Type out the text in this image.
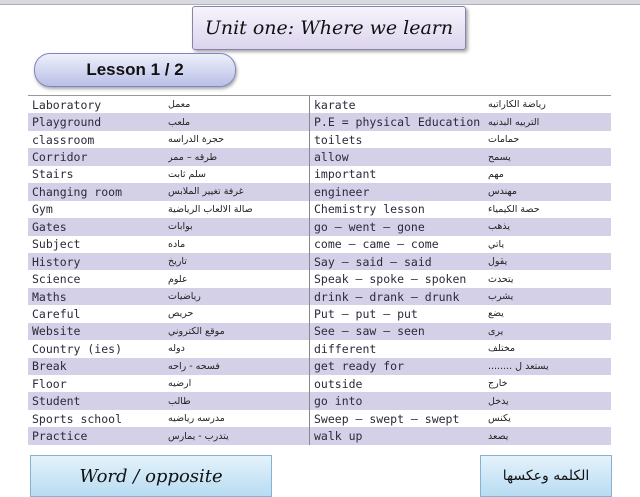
Unit one: Where we learn
Lesson 1 / 2
Laboratory	معمل	karate	رياضة الكاراتيه
Playground	ملعب	P.E = physical Education التربيه البدنيه
classroom	حجرة الدراسه	toilets	حمامات
Corridor	طرقه – ممر	allow	يسمح
Stairs	سلم ثابت	important	مهم
Changing room	غرفة تغيير الملابس	engineer	مهندس
Gym	صالة الالعاب الرياضية	Chemistry lesson	حصة الكيمياء
Gates	بوابات	go – went – gone	يذهب
Subject	ماده	come – came – come	ياتي
History	تاريخ	Say – said – said	يقول
Science	علوم	Speak – spoke – spoken	يتحدث
Maths	رياضيات	drink – drank – drunk	يشرب
Careful	حريص	Put – put – put	يضع
Website	موقع الكتروني	See – saw – seen	يرى
Country (ies)	دوله	different	مختلف
Break	فسحه - راحه	get ready for	يستعد ل ........
Floor	ارضيه	outside	خارج
Student	طالب	go into	يدخل
Sports school	مدرسه رياضيه	Sweep – swept – swept	يكنس
Practice	يتدرب - يمارس	walk up	يصعد
Word / opposite	الكلمه وعكسها
